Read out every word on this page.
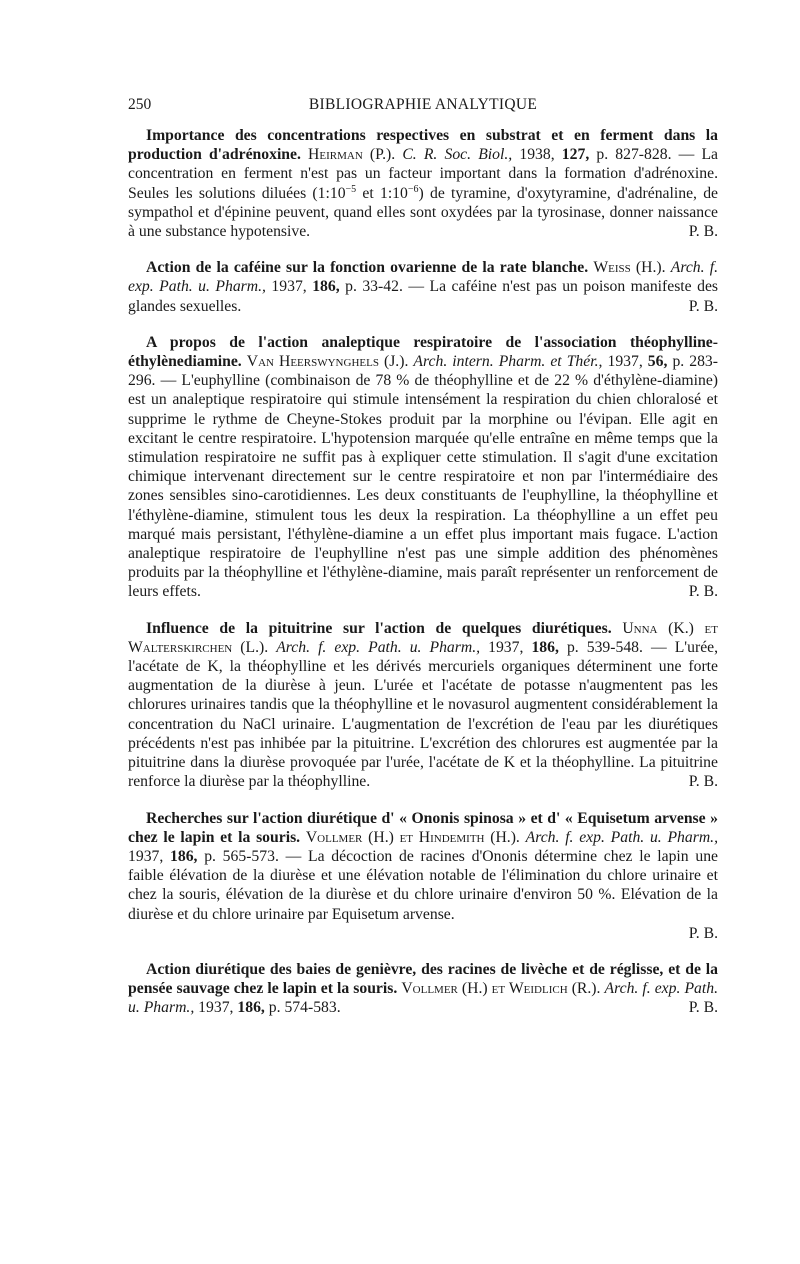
250	BIBLIOGRAPHIE ANALYTIQUE

Importance des concentrations respectives en substrat et en ferment dans la production d'adrénoxine. Heirman (P.). C. R. Soc. Biol., 1938, 127, p. 827-828. — La concentration en ferment n'est pas un facteur important dans la formation d'adrénoxine. Seules les solutions diluées ($1:10^{-5}$ et $1:10^{-6}$) de tyramine, d'oxytyramine, d'adrénaline, de sympathol et d'épinine peuvent, quand elles sont oxydées par la tyrosinase, donner naissance à une substance hypotensive.	P. B.

Action de la caféine sur la fonction ovarienne de la rate blanche. Weiss (H.). Arch. f. exp. Path. u. Pharm., 1937, 186, p. 33-42. — La caféine n'est pas un poison manifeste des glandes sexuelles.	P. B.

A propos de l'action analeptique respiratoire de l'association théophylline-éthylènediamine. Van Heerswynghels (J.). Arch. intern. Pharm. et Thér., 1937, 56, p. 283-296. — L'euphylline (combinaison de 78 % de théophylline et de 22 % d'éthylène-diamine) est un analeptique respiratoire qui stimule intensément la respiration du chien chloralosé et supprime le rythme de Cheyne-Stokes produit par la morphine ou l'évipan. Elle agit en excitant le centre respiratoire. L'hypotension marquée qu'elle entraîne en même temps que la stimulation respiratoire ne suffit pas à expliquer cette stimulation. Il s'agit d'une excitation chimique intervenant directement sur le centre respiratoire et non par l'intermédiaire des zones sensibles sino-carotidiennes. Les deux constituants de l'euphylline, la théophylline et l'éthylène-diamine, stimulent tous les deux la respiration. La théophylline a un effet peu marqué mais persistant, l'éthylène-diamine a un effet plus important mais fugace. L'action analeptique respiratoire de l'euphylline n'est pas une simple addition des phénomènes produits par la théophylline et l'éthylène-diamine, mais paraît représenter un renforcement de leurs effets.	P. B.

Influence de la pituitrine sur l'action de quelques diurétiques. Unna (K.) et Walterskirchen (L.). Arch. f. exp. Path. u. Pharm., 1937, 186, p. 539-548. — L'urée, l'acétate de K, la théophylline et les dérivés mercuriels organiques déterminent une forte augmentation de la diurèse à jeun. L'urée et l'acétate de potasse n'augmentent pas les chlorures urinaires tandis que la théophylline et le novasurol augmentent considérablement la concentration du NaCl urinaire. L'augmentation de l'excrétion de l'eau par les diurétiques précédents n'est pas inhibée par la pituitrine. L'excrétion des chlorures est augmentée par la pituitrine dans la diurèse provoquée par l'urée, l'acétate de K et la théophylline. La pituitrine renforce la diurèse par la théophylline.	P. B.

Recherches sur l'action diurétique d' « Ononis spinosa » et d' « Equisetum arvense » chez le lapin et la souris. Vollmer (H.) et Hindemith (H.). Arch. f. exp. Path. u. Pharm., 1937, 186, p. 565-573. — La décoction de racines d'Ononis détermine chez le lapin une faible élévation de la diurèse et une élévation notable de l'élimination du chlore urinaire et chez la souris, élévation de la diurèse et du chlore urinaire d'environ 50 %. Elévation de la diurèse et du chlore urinaire par Equisetum arvense.
P. B.

Action diurétique des baies de genièvre, des racines de livèche et de réglisse, et de la pensée sauvage chez le lapin et la souris. Vollmer (H.) et Weidlich (R.). Arch. f. exp. Path. u. Pharm., 1937, 186, p. 574-583.	P. B.
